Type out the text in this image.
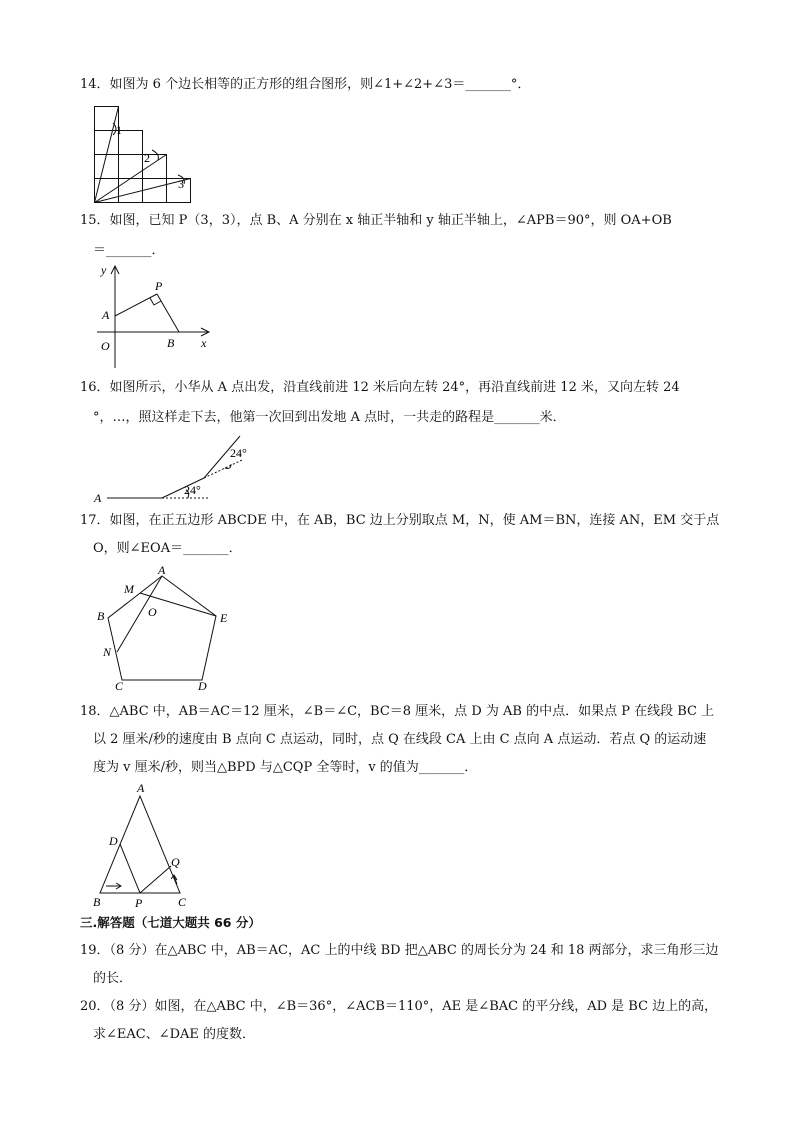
14．如图为 6 个边长相等的正方形的组合图形，则∠1+∠2+∠3＝_______°．
1
2
3
15．如图，已知 P（3，3），点 B、A 分别在 x 轴正半轴和 y 轴正半轴上，∠APB＝90°，则 OA+OB
＝_______．
y
P
A
O	B x
16．如图所示，小华从 A 点出发，沿直线前进 12 米后向左转 24°，再沿直线前进 12 米，又向左转 24
°，…，照这样走下去，他第一次回到出发地 A 点时，一共走的路程是_______米．
A
24°
24°
17．如图，在正五边形 ABCDE 中，在 AB，BC 边上分别取点 M，N，使 AM＝BN，连接 AN，EM 交于点
O，则∠EOA＝_______．
A
M
O
B	E
N
C	D
18．△ABC 中，AB＝AC＝12 厘米，∠B＝∠C，BC＝8 厘米，点 D 为 AB 的中点．如果点 P 在线段 BC 上
以 2 厘米/秒的速度由 B 点向 C 点运动，同时，点 Q 在线段 CA 上由 C 点向 A 点运动．若点 Q 的运动速
度为 v 厘米/秒，则当△BPD 与△CQP 全等时，v 的值为_______．
A
D
Q
B	P	C
三.解答题（七道大题共 66 分）
19．（8 分）在△ABC 中，AB＝AC，AC 上的中线 BD 把△ABC 的周长分为 24 和 18 两部分，求三角形三边
的长．
20．（8 分）如图，在△ABC 中，∠B＝36°，∠ACB＝110°，AE 是∠BAC 的平分线，AD 是 BC 边上的高，
求∠EAC、∠DAE 的度数．
